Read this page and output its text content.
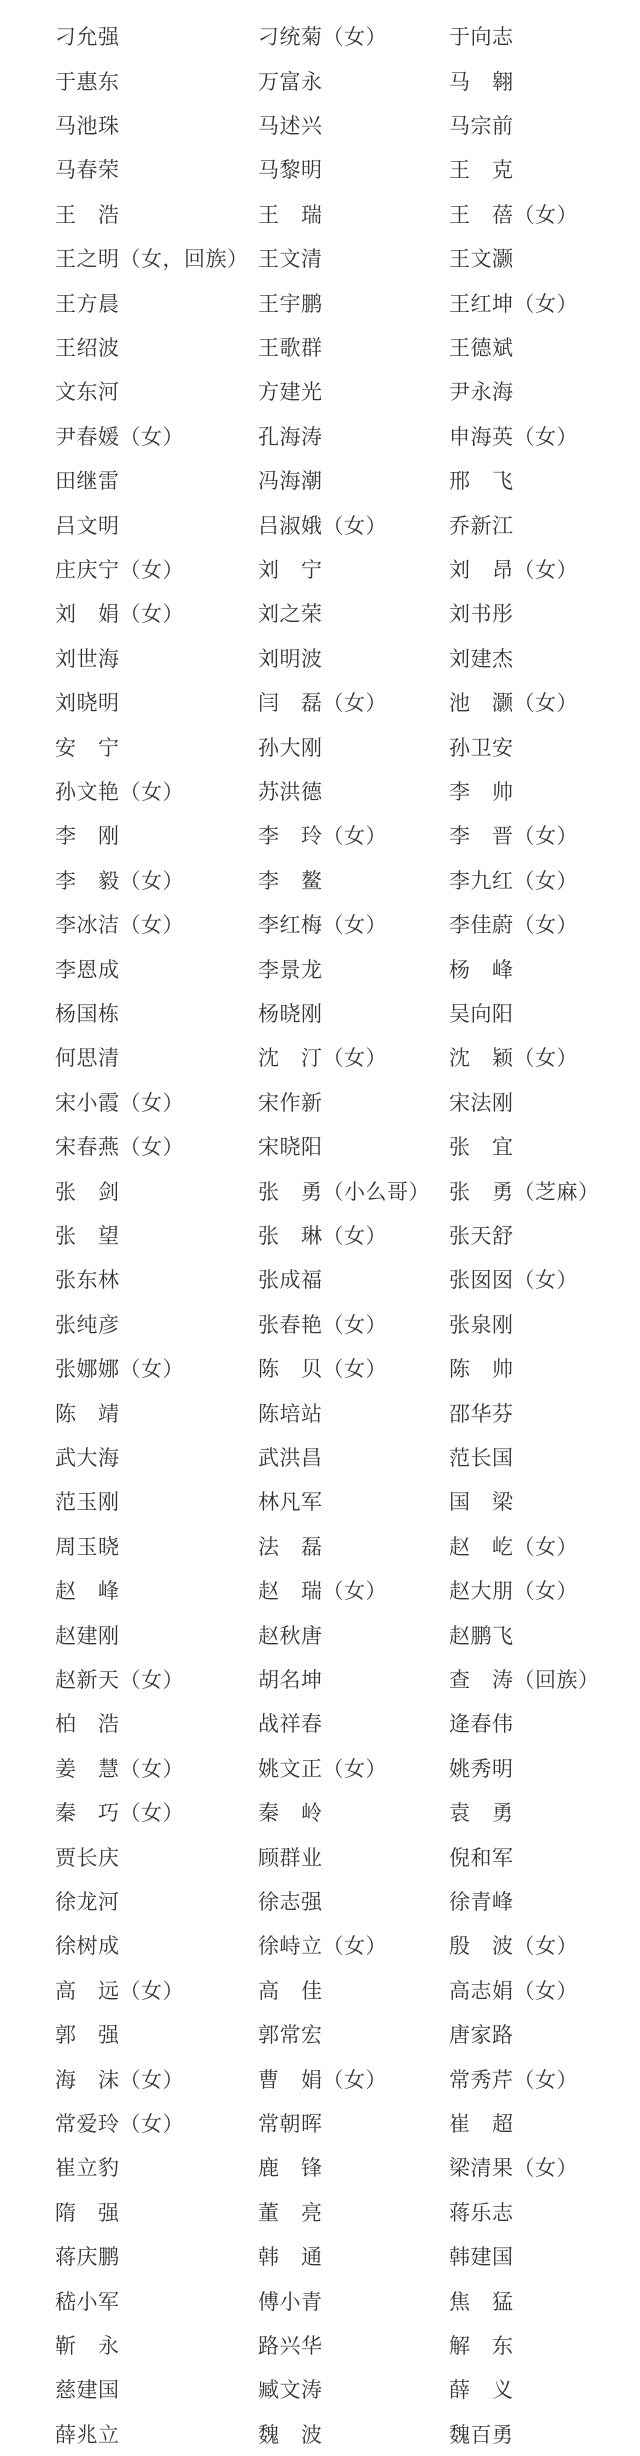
刁允强	刁统菊（女）	于向志
于惠东	万富永	马　翱
马池珠	马述兴	马宗前
马春荣	马黎明	王　克
王　浩	王　瑞	王　蓓（女）
王之明（女，回族） 王文清	王文灏
王方晨	王宇鹏	王红坤（女）
王绍波	王歌群	王德斌
文东河	方建光	尹永海
尹春媛（女）	孔海涛	申海英（女）
田继雷	冯海潮	邢　飞
吕文明	吕淑娥（女）	乔新江
庄庆宁（女）	刘　宁	刘　昂（女）
刘　娟（女）	刘之荣	刘书彤
刘世海	刘明波	刘建杰
刘晓明	闫　磊（女）	池　灏（女）
安　宁	孙大刚	孙卫安
孙文艳（女）	苏洪德	李　帅
李　刚	李　玲（女）	李　晋（女）
李　毅（女）	李　鳌	李九红（女）
李冰洁（女）	李红梅（女）	李佳蔚（女）
李恩成	李景龙	杨　峰
杨国栋	杨晓刚	吴向阳
何思清	沈　汀（女）	沈　颖（女）
宋小霞（女）	宋作新	宋法刚
宋春燕（女）	宋晓阳	张　宜
张　剑	张　勇（小么哥） 张　勇（芝麻）
张　望	张　琳（女）	张天舒
张东林	张成福	张囡囡（女）
张纯彦	张春艳（女）	张泉刚
张娜娜（女）	陈　贝（女）	陈　帅
陈　靖	陈培站	邵华芬
武大海	武洪昌	范长国
范玉刚	林凡军	国　梁
周玉晓	法　磊	赵　屹（女）
赵　峰	赵　瑞（女）	赵大朋（女）
赵建刚	赵秋唐	赵鹏飞
赵新天（女）	胡名坤	查　涛（回族）
柏　浩	战祥春	逄春伟
姜　慧（女）	姚文正（女）	姚秀明
秦　巧（女）	秦　岭	袁　勇
贾长庆	顾群业	倪和军
徐龙河	徐志强	徐青峰
徐树成	徐峙立（女）	殷　波（女）
高　远（女）	高　佳	高志娟（女）
郭　强	郭常宏	唐家路
海　沫（女）	曹　娟（女）	常秀芹（女）
常爱玲（女）	常朝晖	崔　超
崔立豹	鹿　锋	梁清果（女）
隋　强	董　亮	蒋乐志
蒋庆鹏	韩　通	韩建国
嵇小军	傅小青	焦　猛
靳　永	路兴华	解　东
慈建国	臧文涛	薛　义
薛兆立	魏　波	魏百勇
